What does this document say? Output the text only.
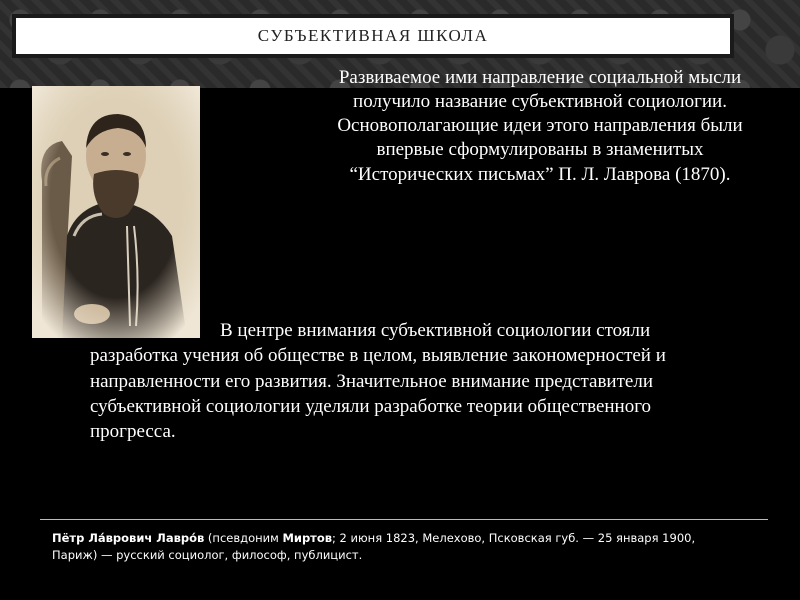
СУБЪЕКТИВНАЯ ШКОЛА
Развиваемое ими направление социальной мысли
получило название субъективной социологии.
Основополагающие идеи этого направления были
впервые сформулированы в знаменитых
“Исторических письмах” П. Л. Лаврова (1870).
В центре внимания субъективной социологии стояли разработка учения об обществе в целом, выявление закономерностей и направленности его развития. Значительное внимание представители субъективной социологии уделяли разработке теории общественного прогресса.
Пётр Ла́врович Лавро́в (псевдоним Миртов; 2 июня 1823, Мелехово, Псковская губ. — 25 января 1900, Париж) — русский социолог, философ, публицист.
